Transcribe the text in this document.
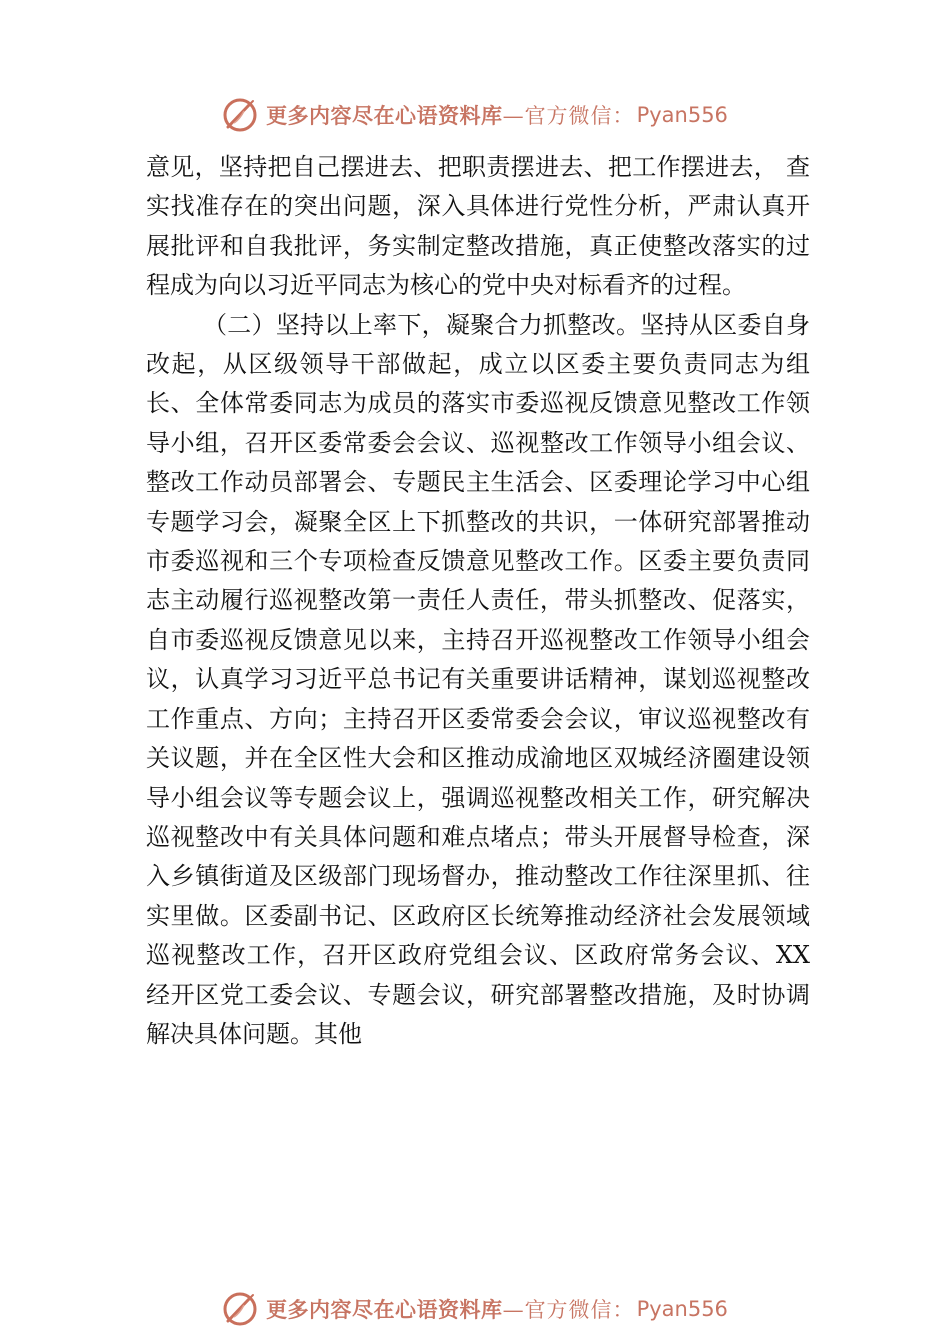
更多内容尽在心语资料库 —官方微信： Pyan556

意见，坚持把自己摆进去、把职责摆进去、把工作摆进去， 查实找准存在的突出问题，深入具体进行党性分析，严肃认真开展批评和自我批评，务实制定整改措施，真正使整改落实的过程成为向以习近平同志为核心的党中央对标看齐的过程。

（二）坚持以上率下，凝聚合力抓整改。坚持从区委自身改起，从区级领导干部做起，成立以区委主要负责同志为组长、全体常委同志为成员的落实市委巡视反馈意见整改工作领导小组，召开区委常委会会议、巡视整改工作领导小组会议、整改工作动员部署会、专题民主生活会、区委理论学习中心组专题学习会，凝聚全区上下抓整改的共识，一体研究部署推动市委巡视和三个专项检查反馈意见整改工作。区委主要负责同志主动履行巡视整改第一责任人责任，带头抓整改、促落实，自市委巡视反馈意见以来，主持召开巡视整改工作领导小组会议，认真学习习近平总书记有关重要讲话精神，谋划巡视整改工作重点、方向；主持召开区委常委会会议，审议巡视整改有关议题，并在全区性大会和区推动成渝地区双城经济圈建设领导小组会议等专题会议上，强调巡视整改相关工作，研究解决巡视整改中有关具体问题和难点堵点；带头开展督导检查，深入乡镇街道及区级部门现场督办，推动整改工作往深里抓、往实里做。区委副书记、区政府区长统筹推动经济社会发展领域巡视整改工作，召开区政府党组会议、区政府常务会议、XX 经开区党工委会议、专题会议，研究部署整改措施，及时协调解决具体问题。其他

更多内容尽在心语资料库 —官方微信： Pyan556
